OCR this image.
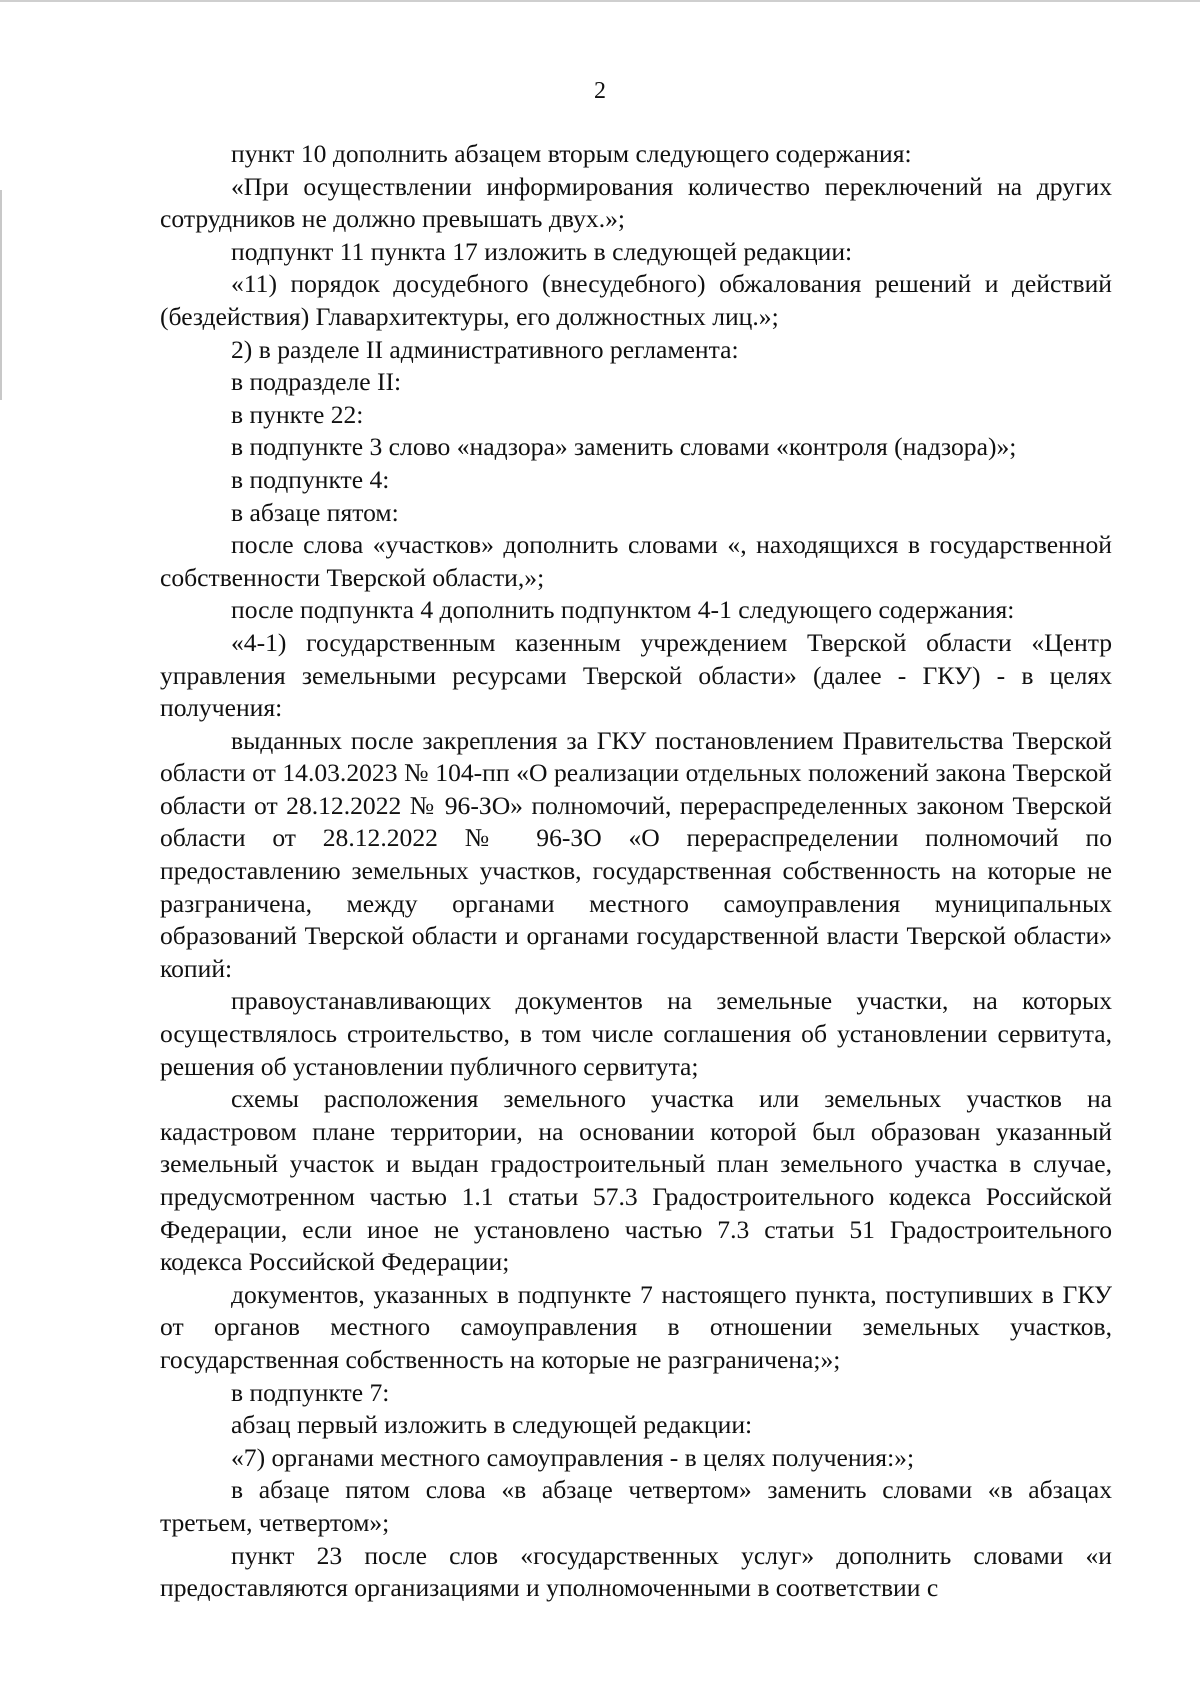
2

пункт 10 дополнить абзацем вторым следующего содержания:

«При осуществлении информирования количество переключений на других сотрудников не должно превышать двух.»;

подпункт 11 пункта 17 изложить в следующей редакции:

«11) порядок досудебного (внесудебного) обжалования решений и действий (бездействия) Главархитектуры, его должностных лиц.»;

2) в разделе II административного регламента:

в подразделе II:

в пункте 22:

в подпункте 3 слово «надзора» заменить словами «контроля (надзора)»;

в подпункте 4:

в абзаце пятом:

после слова «участков» дополнить словами «, находящихся в государственной собственности Тверской области,»;

после подпункта 4 дополнить подпунктом 4-1 следующего содержания:

«4-1) государственным казенным учреждением Тверской области «Центр управления земельными ресурсами Тверской области» (далее - ГКУ) - в целях получения:

выданных после закрепления за ГКУ постановлением Правительства Тверской области от 14.03.2023 № 104-пп «О реализации отдельных положений закона Тверской области от 28.12.2022 № 96-ЗО» полномочий, перераспределенных законом Тверской области от 28.12.2022 № 96-ЗО «О перераспределении полномочий по предоставлению земельных участков, государственная собственность на которые не разграничена, между органами местного самоуправления муниципальных образований Тверской области и органами государственной власти Тверской области» копий:

правоустанавливающих документов на земельные участки, на которых осуществлялось строительство, в том числе соглашения об установлении сервитута, решения об установлении публичного сервитута;

схемы расположения земельного участка или земельных участков на кадастровом плане территории, на основании которой был образован указанный земельный участок и выдан градостроительный план земельного участка в случае, предусмотренном частью 1.1 статьи 57.3 Градостроительного кодекса Российской Федерации, если иное не установлено частью 7.3 статьи 51 Градостроительного кодекса Российской Федерации;

документов, указанных в подпункте 7 настоящего пункта, поступивших в ГКУ от органов местного самоуправления в отношении земельных участков, государственная собственность на которые не разграничена;»;

в подпункте 7:

абзац первый изложить в следующей редакции:

«7) органами местного самоуправления - в целях получения:»;

в абзаце пятом слова «в абзаце четвертом» заменить словами «в абзацах третьем, четвертом»;

пункт 23 после слов «государственных услуг» дополнить словами «и предоставляются организациями и уполномоченными в соответствии с
